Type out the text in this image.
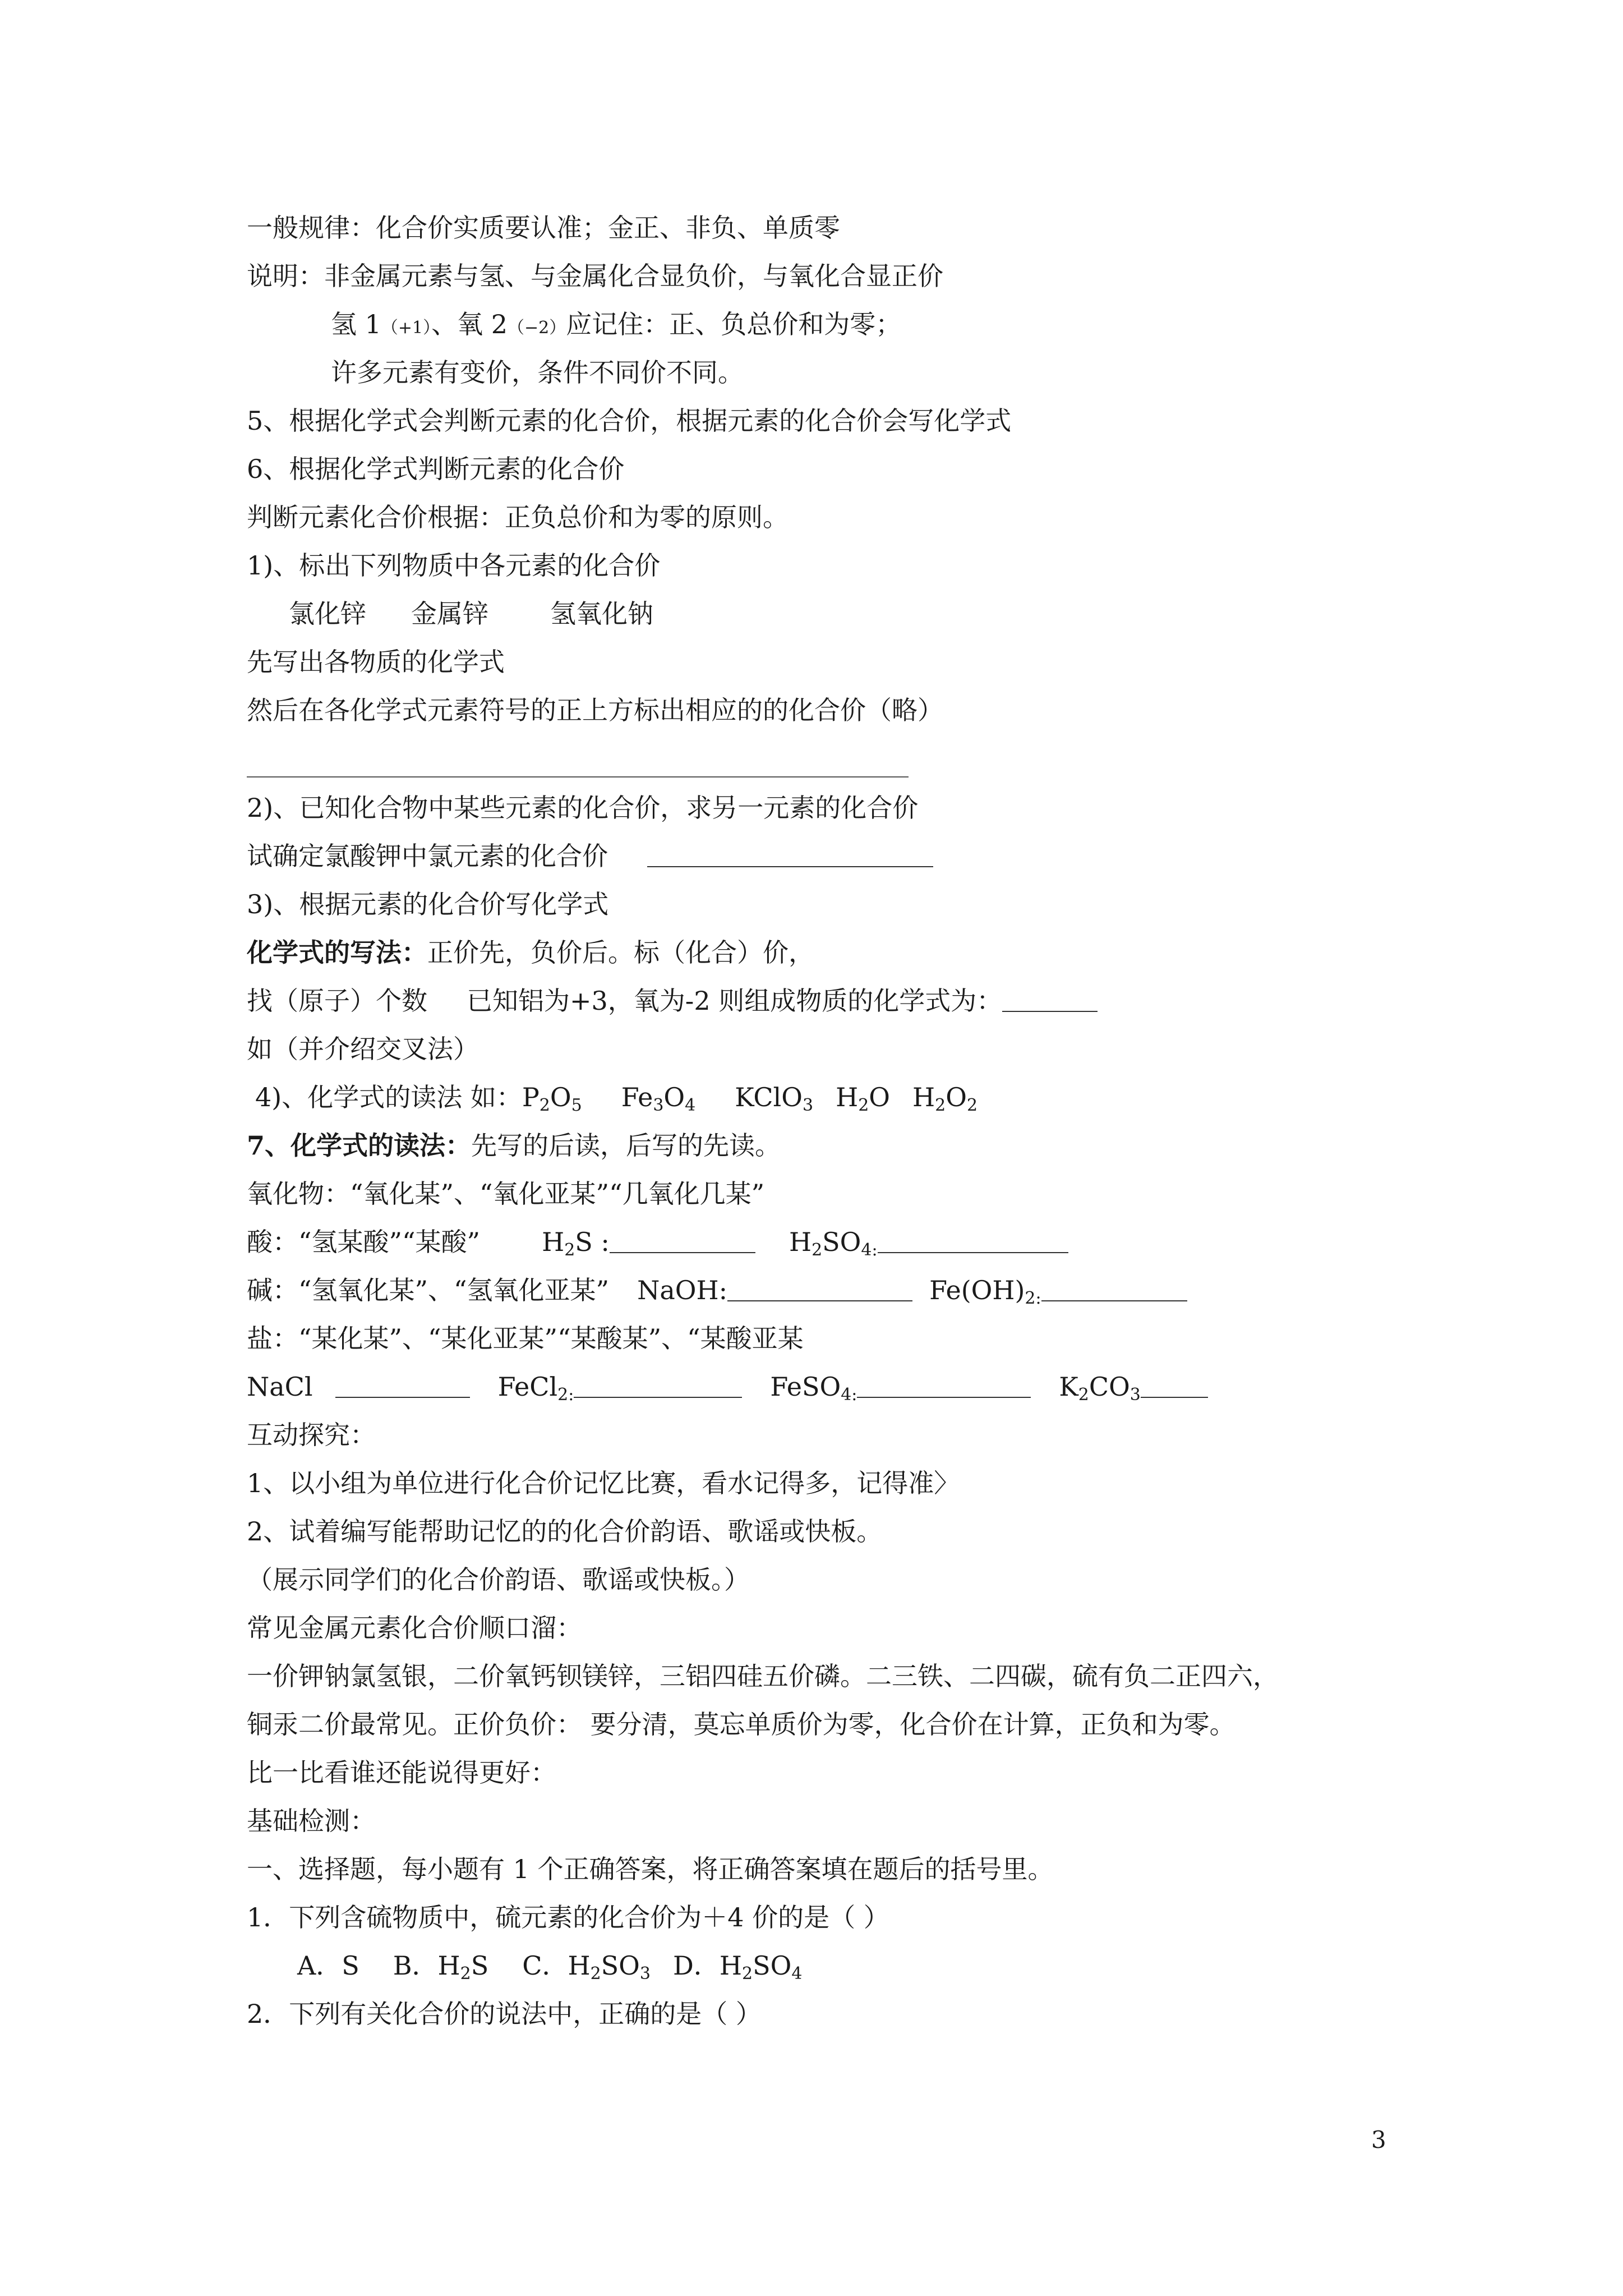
一般规律：化合价实质要认准；金正、非负、单质零
说明：非金属元素与氢、与金属化合显负价，与氧化合显正价
氢 1（+1）、氧 2（−2）应记住：正、负总价和为零；
许多元素有变价，条件不同价不同。
5、根据化学式会判断元素的化合价，根据元素的化合价会写化学式
6、根据化学式判断元素的化合价
判断元素化合价根据：正负总价和为零的原则。
1)、标出下列物质中各元素的化合价
氯化锌 金属锌 氢氧化钠
先写出各物质的化学式
然后在各化学式元素符号的正上方标出相应的的化合价（略）
2)、已知化合物中某些元素的化合价，求另一元素的化合价
试确定氯酸钾中氯元素的化合价
3)、根据元素的化合价写化学式
化学式的写法：正价先，负价后。标（化合）价，
找（原子）个数 已知铝为+3，氧为-2 则组成物质的化学式为：
如（并介绍交叉法）
4)、化学式的读法 如：$P_2O_5$ $Fe_3O_4$ KClO$_3$ $H_2O$ $H_2O_2$
7、化学式的读法：先写的后读，后写的先读。
氧化物：“氧化某”、“氧化亚某”“几氧化几某”
酸：“氢某酸”“某酸” $H_2S$ :	$H_2SO_{4:}$
碱：“氢氧化某”、“氢氧化亚某” NaOH:	$Fe(OH)_{2:}$
盐：“某化某”、“某化亚某”“某酸某”、“某酸亚某
NaCl	FeCl$_{2:}$	FeSO$_{4:}$	$K_2CO_3$
互动探究：
1、以小组为单位进行化合价记忆比赛，看水记得多，记得准〉
2、试着编写能帮助记忆的的化合价韵语、歌谣或快板。
（展示同学们的化合价韵语、歌谣或快板。）
常见金属元素化合价顺口溜：
一价钾钠氯氢银，二价氧钙钡镁锌，三铝四硅五价磷。二三铁、二四碳，硫有负二正四六，
铜汞二价最常见。正价负价： 要分清，莫忘单质价为零，化合价在计算，正负和为零。
比一比看谁还能说得更好：
基础检测：
一、选择题，每小题有 1 个正确答案，将正确答案填在题后的括号里。
1．下列含硫物质中，硫元素的化合价为＋4 价的是（ ）
A．S B．$H_2S$ C．$H_2SO_3$ D．$H_2SO_4$
2．下列有关化合价的说法中，正确的是（ ）
3
